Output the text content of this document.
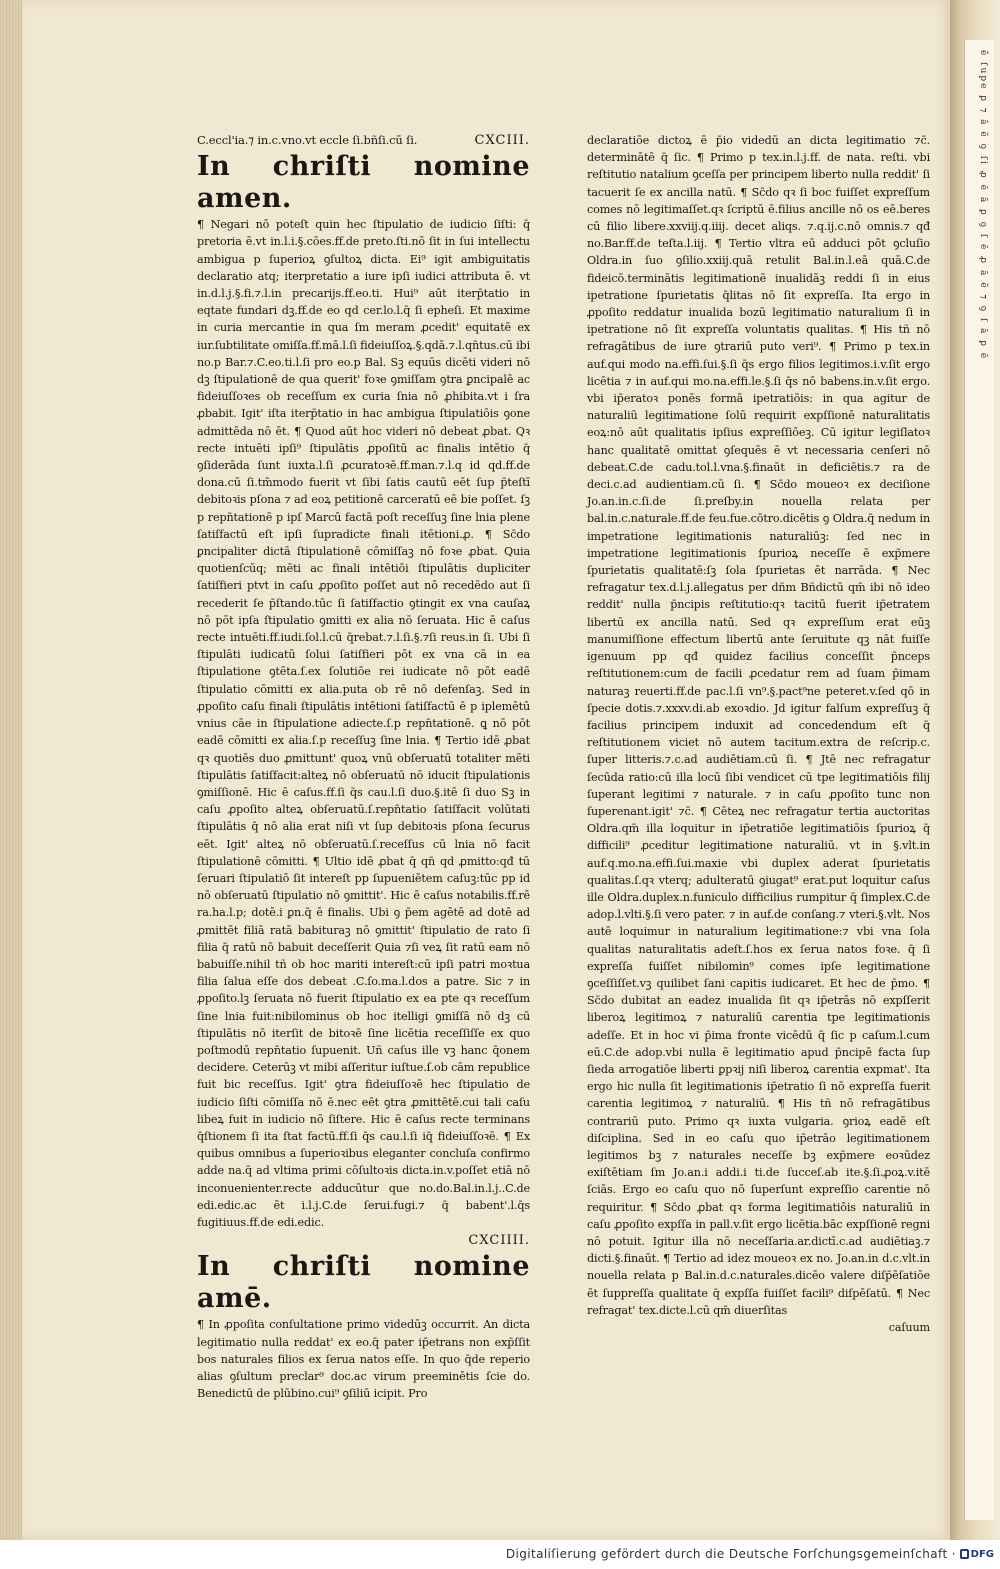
C.eccl'ia.⁊ in.c.vno.vt eccle ſi.bñſi.cū ſi.	CXCIII.
In chriſti nomine amen.
¶ Negari nō poteſt quin hec ſtipulatio de iudicio ſiſti: q̄ pretoria ē.vt in.l.i.§.cōes.ff.de preto.ſti.nō ſit in ſui intellectu ambigua p ſuperioꝝ ꝯſultoꝝ dicta. Ei⁹ igit ambiguitatis declaratio atq; iterpretatio a iure ipſi iudici attributa ē. vt in.d.l.j.§.fi.⁊.l.in precarijs.ff.eo.ti. Hui⁹ aūt iterp̄tatio in eqtate fundari dꝫ.ff.de eo qd cer.lo.l.q̄ ſi epheſi. Et maxime in curia mercantie in qua ſm meram ꝓcedit' equitatē ex iur.ſubtilitate omiſſa.ff.mā.l.ſi fideiuſſoꝝ.§.qdā.⁊.l.qn̄tus.cū ibi no.p Bar.⁊.C.eo.ti.l.ſi pro eo.p Bal. Sꝫ equūs dicēti videri nō dꝫ ſtipulationē de qua querit' foꝛe ꝯmiſſam ꝯtra ꝑncipalē ac fideiuſſoꝛes ob receſſum ex curia ſnia nō ꝓhibita.vt i ſra ꝓbabit. Igit' iſta iterp̄tatio in hac ambigua ſtipulatiōis ꝯone admittēda nō ēt. ¶ Quod aūt hoc videri nō debeat ꝓbat. Qꝛ recte intuēti ipſi⁹ ſtipulātis ꝓpoſitū ac finalis intētio q̄ ꝯſiderāda ſunt iuxta.l.ſi ꝓcuratoꝛē.ff.man.⁊.l.q id qd.ff.de dona.cū ſi.tm̄modo fuerit vt ſibi ſatis cautū eēt ſup p̄teſtī debitoꝛis pſona ⁊ ad eoꝝ petitionē carceratū eē bie poſſet. ſꝫ p repn̄tationē p ipſ Marcū factā poſt receſſuꝫ ſine lnia plene ſatiſfactū eſt ipſi ſupradicte finali itētioni.ꝓ. ¶ Sc̄do ꝑncipaliter dictā ſtipulationē cōmiſſaꝫ nō foꝛe ꝓbat. Quia quotienſcūq; mēti ac finali intētiōi ſtipulātis dupliciter ſatiſfieri ptvt in caſu ꝓpoſito poſſet aut nō recedēdo aut ſi recederit ſe p̄ſtando.tūc ſi ſatiſfactio ꝯtingit ex vna cauſaꝝ nō pōt ipſa ſtipulatio ꝯmitti ex alia nō ſeruata. Hic ē caſus recte intuēti.ff.iudi.ſol.l.cū q̄rebat.⁊.l.ſi.§.⁊ſi reus.in ſi. Ubi ſi ſtipulāti iudicatū ſolui ſatiſfieri pōt ex vna cā in ea ſtipulatione ꝯtēta.ſ.ex ſolutiōe rei iudicate nō pōt eadē ſtipulatio cōmitti ex alia.puta ob rē nō defenſaꝫ. Sed in ꝓpoſito caſu finali ſtipulātis intētioni ſatiſfactū ē p iplemētū vnius cāe in ſtipulatione adiecte.ſ.p repn̄tationē. ꝗ nō pōt eadē cōmitti ex alia.ſ.p receſſuꝫ ſine lnia. ¶ Tertio idē ꝓbat qꝛ quotiēs duo ꝓmittunt' quoꝝ vnū obſeruatū totaliter mēti ſtipulātis ſatiſfacit:alteꝝ nō obſeruatū nō iducit ſtipulationis ꝯmiſſionē. Hic ē caſus.ff.ſi q̄s cau.l.ſi duo.§.itē ſi duo Sꝫ in caſu ꝓpoſito alteꝝ obſeruatū.ſ.repn̄tatio ſatiſfacit volūtati ſtipulātis q̄ nō alia erat niſi vt ſup debitoꝛis pſona ſecurus eēt. Igit' alteꝝ nō obſeruatū.ſ.receſſus cū lnia nō facit ſtipulationē cōmitti. ¶ Ultio idē ꝓbat q̄ qn̄ qd ꝓmitto:qđ tū ſeruari ſtipulatiō ſit intereſt pp ſupueniētem caſuꝫ:tūc pp id nō obſeruatū ſtipulatio nō ꝯmittit'. Hic ē caſus notabilis.ff.rē ra.ha.l.p; dotē.i ꝑn.q̄ ē finalis. Ubi ꝯ p̄em agētē ad dotē ad ꝓmittēt filiā ratā babituraꝫ nō ꝯmittit' ſtipulatio de rato ſi filia q̄ ratū nō babuit deceſſerit Quia ⁊ſi veꝝ ſit ratū eam nō babuiſſe.nihil tñ ob hoc mariti intereſt:cū ipſi patri moꝛtua filia ſalua eſſe dos debeat .C.ſo.ma.l.dos a patre. Sic ⁊ in ꝓpoſito.lꝫ ſeruata nō fuerit ſtipulatio ex ea pte qꝛ receſſum ſine lnia fuit:nibilominus ob hoc itelligi ꝯmiſſā nō dꝫ cū ſtipulātis nō iterſit de bitoꝛē ſine licētia receſſiſſe ex quo poſtmodū repn̄tatio ſupuenit. Uñ caſus ille vꝫ hanc q̄onem decidere. Ceterūꝫ vt mibi aſſeritur iuſtue.ſ.ob cām republice fuit bic receſſus. Igit' ꝯtra fideiuſſoꝛē hec ſtipulatio de iudicio ſiſti cōmiſſa nō ē.nec eēt ꝯtra ꝓmittētē.cui tali caſu libeꝝ fuit in iudicio nō ſiſtere. Hic ē caſus recte terminans q̄ſtionem ſi ita ſtat factū.ff.ſi q̄s cau.l.ſi iq̄ fideiuſſoꝛē. ¶ Ex quibus omnibus a ſuperioꝛibus eleganter concluſa confirmo adde na.q̄ ad vltima primi cōſultoꝛis dicta.in.v.poſſet etiā nō inconuenienter.recte adducūtur que no.do.Bal.in.l.j..C.de edi.edic.ac ēt i.l.j.C.de ſerui.fugi.⁊ q̄ babent'.l.q̄s fugitiuus.ff.de edi.edic.
CXCIIII.
In chriſti nomine amē.
¶ In ꝓpoſita conſultatione primo videdūꝫ occurrit. An dicta legitimatio nulla reddat' ex eo.q̄ pater ip̄etrans non exp̄ſſit bos naturales filios ex ſerua natos eſſe. In quo q̄de reperio alias ꝯſultum preclar⁹ doc.ac virum preeminētis ſcie do. Benedictū de plūbino.cui⁹ ꝯſiliū icipit. Pro
declaratiōe dictoꝝ ē p̄io videdū an dicta legitimatio ⁊c̄. determinātē q̄ ſic. ¶ Primo p tex.in.l.j.ff. de nata. reſti. vbi reſtitutio natalium ꝯceſſa per principem liberto nulla reddit' ſi tacuerit ſe ex ancilla natū. ¶ Sc̄do qꝛ ſi boc fuiſſet expreſſum comes nō legitimaſſet.qꝛ ſcriptū ē.filius ancille nō os eē.beres cū filio libere.xxviij.q.iiij. decet aliqs. ⁊.q.ij.c.nō omnis.⁊ qđ no.Bar.ff.de teſta.l.iij. ¶ Tertio vltra eū adduci pōt ꝯcluſio Oldra.in ſuo ꝯſilio.xxiij.quā retulit Bal.in.l.eā quā.C.de fideicō.terminātis legitimationē inualidāꝫ reddi ſi in eius ipetratione ſpurietatis q̄litas nō ſit expreſſa. Ita ergo in ꝓpoſito reddatur inualida bozū legitimatio naturalium ſi in ipetratione nō ſit expreſſa voluntatis qualitas. ¶ His tñ nō refragātibus de iure ꝯtrariū puto veri⁹. ¶ Primo p tex.in auf.qui modo na.effi.ſui.§.ſi q̄s ergo filios legitimos.i.v.ſit ergo licētia ⁊ in auf.qui mo.na.effi.le.§.ſi q̄s nō babens.in.v.ſit ergo. vbi ip̄eratoꝛ ponēs formā ipetratiōis: in qua agitur de naturaliū legitimatione ſolū requirit expſſionē naturalitatis eoꝝ:nō aūt qualitatis ipſius expreſſiōeꝫ. Cū igitur legiſlatoꝛ hanc qualitatē omittat ꝯſequēs ē vt necessaria cenſeri nō debeat.C.de cadu.tol.l.vna.§.finaūt in deficiētis.⁊ ra de deci.c.ad audientiam.cū ſi. ¶ Sc̄do moueoꝛ ex deciſione Jo.an.in.c.ſi.de ſi.preſby.in nouella relata per bal.in.c.naturale.ff.de feu.fue.cōtro.dicētis ꝯ Oldra.q̄ nedum in impetratione legitimationis naturaliūꝫ: ſed nec in impetratione legitimationis ſpurioꝝ neceſſe ē exp̄mere ſpurietatis qualitatē:ſꝫ ſola ſpurietas ēt narrāda. ¶ Nec refragatur tex.d.l.j.allegatus per dñm Bñdictū qm̄ ibi nō ideo reddit' nulla p̄ncipis reſtitutio:qꝛ tacitū fuerit ip̄etratem libertū ex ancilla natū. Sed qꝛ expreſſum erat eūꝫ manumiſſione effectum libertū ante ſeruitute qꝫ nāt fuiſſe igenuum pp qđ quidez facilius conceſſit p̄nceps reſtitutionem:cum de facili ꝓcedatur rem ad ſuam p̄imam naturaꝫ reuerti.ff.de pac.l.ſi vn⁹.§.pact⁹ne peteret.v.ſed qō in ſpecie dotis.⁊.xxxv.di.ab exoꝛdio. Jd igitur falſum expreſſuꝫ q̄ facilius principem induxit ad concedendum eſt q̄ reſtitutionem viciet nō autem tacitum.extra de reſcrip.c. ſuper litteris.⁊.c.ad audiētiam.cū ſi. ¶ Jtē nec refragatur ſecūda ratio:cū illa locū ſibi vendicet cū tpe legitimatiōis filij ſuperant legitimi ⁊ naturale. ⁊ in caſu ꝓpoſito tunc non ſuperenant.igit' ⁊c̄. ¶ Cēteꝝ nec refragatur tertia auctoritas Oldra.qm̄ illa loquitur in ip̄etratiōe legitimatiōis ſpurioꝝ q̄ difficili⁹ ꝓceditur legitimatione naturaliū. vt in §.vlt.in auf.q.mo.na.effi.ſui.maxie vbi duplex aderat ſpurietatis qualitas.ſ.qꝛ vterq; adulteratū ꝯiugat⁹ erat.put loquitur caſus ille Oldra.duplex.n.funiculo difficilius rumpitur q̄ ſimplex.C.de adop.l.vlti.§.ſi vero pater. ⁊ in auf.de conſang.⁊ vteri.§.vlt. Nos autē loquimur in naturalium legitimatione:⁊ vbi vna ſola qualitas naturalitatis adeſt.ſ.hos ex ſerua natos foꝛe. q̄ ſi expreſſa fuiſſet nibilomin⁹ comes ipſe legitimatione ꝯceſſiſſet.vꝫ quilibet ſani capitis iudicaret. Et hec de p̄mo. ¶ Sc̄do dubitat an eadez inualida ſit qꝛ ip̄etrās nō expſſerit liberoꝝ legitimoꝝ ⁊ naturaliū carentia tpe legitimationis adeſſe. Et in hoc vi p̄ima fronte vicēdū q̄ ſic p caſum.l.cum eū.C.de adop.vbi nulla ē legitimatio apud p̄ncipē facta ſup ſieda arrogatiōe liberti ꝑpꝛij niſi liberoꝝ carentia expmat'. Ita ergo hic nulla ſit legitimationis ip̄etratio ſi nō expreſſa fuerit carentia legitimoꝝ ⁊ naturaliū. ¶ His tñ nō refragātibus contrariū puto. Primo qꝛ iuxta vulgaria. ꝯrioꝝ eadē eſt diſciplina. Sed in eo caſu quo ip̄etrāo legitimationem legitimos bꝫ ⁊ naturales neceſſe bꝫ exp̄mere eoꝛūdez exiſtētiam ſm Jo.an.i addi.i ti.de ſucceſ.ab ite.§.ſi.ꝓoꝝ.v.itē ſciās. Ergo eo caſu quo nō ſuperſunt expreſſio carentie nō requiritur. ¶ Sc̄do ꝓbat qꝛ forma legitimatiōis naturaliū in caſu ꝓpoſito expſſa in pall.v.ſit ergo licētia.bāc expſſionē regni nō potuit. Igitur illa nō neceſſaria.ar.dictī.c.ad audiētiaꝫ.⁊ dicti.§.finaūt. ¶ Tertio ad idez moueoꝛ ex no. Jo.an.in d.c.vlt.in nouella relata p Bal.in.d.c.naturales.dicēo valere diſp̄ēſatiōe ēt ſuppreſſa qualitate q̄ expſſa fuiſſet facili⁹ diſpēſatū. ¶ Nec refragat' tex.dicte.l.cū qm̄ diuerſitas
caſuum
ẽ ſupe ꝑ ⁊ ā ẽ ꝯ ſi ꝓ ē ā ꝑ ꝯ ſ ē ꝓ ā ẽ ⁊ ꝯ ſ ā ꝑ ē
Digitaliſierung gefördert durch die Deutsche Forſchungsgemeinſchaft · DFG
